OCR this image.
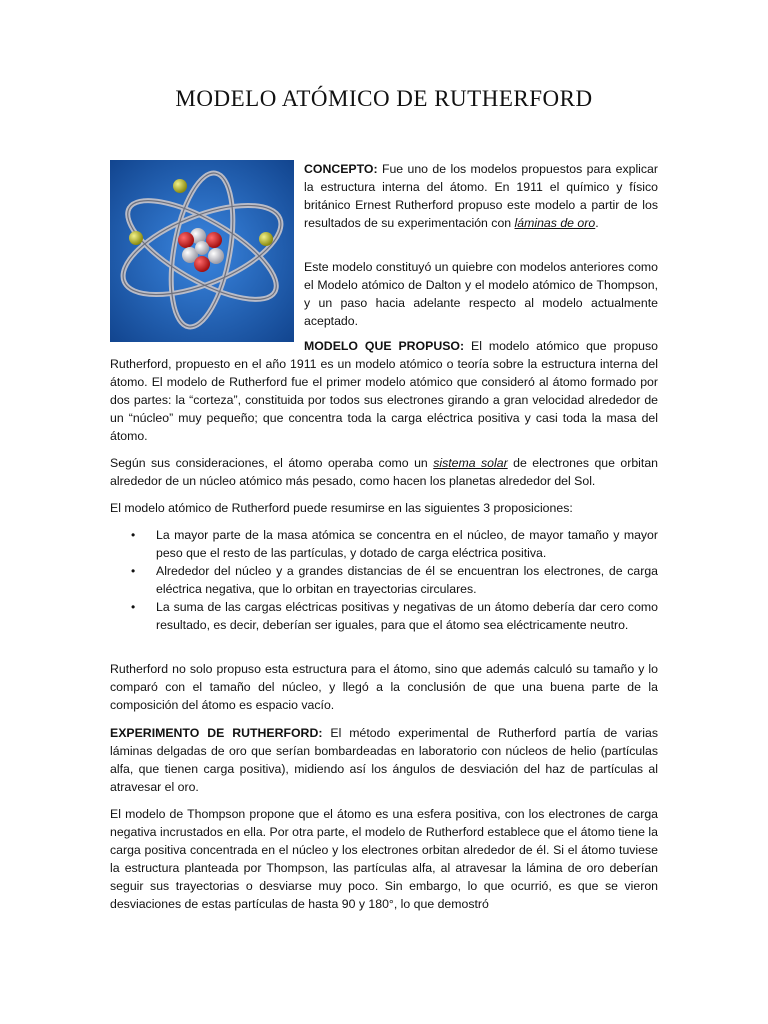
MODELO ATÓMICO DE RUTHERFORD

CONCEPTO: Fue uno de los modelos propuestos para explicar la estructura interna del átomo. En 1911 el químico y físico británico Ernest Rutherford propuso este modelo a partir de los resultados de su experimentación con láminas de oro.

Este modelo constituyó un quiebre con modelos anteriores como el Modelo atómico de Dalton y el modelo atómico de Thompson, y un paso hacia adelante respecto al modelo actualmente aceptado.

MODELO QUE PROPUSO: El modelo atómico que propuso Rutherford, propuesto en el año 1911 es un modelo atómico o teoría sobre la estructura interna del átomo. El modelo de Rutherford fue el primer modelo atómico que consideró al átomo formado por dos partes: la “corteza”, constituida por todos sus electrones girando a gran velocidad alrededor de un “núcleo” muy pequeño; que concentra toda la carga eléctrica positiva y casi toda la masa del átomo.

Según sus consideraciones, el átomo operaba como un sistema solar de electrones que orbitan alrededor de un núcleo atómico más pesado, como hacen los planetas alrededor del Sol.

El modelo atómico de Rutherford puede resumirse en las siguientes 3 proposiciones:

• La mayor parte de la masa atómica se concentra en el núcleo, de mayor tamaño y mayor peso que el resto de las partículas, y dotado de carga eléctrica positiva.
• Alrededor del núcleo y a grandes distancias de él se encuentran los electrones, de carga eléctrica negativa, que lo orbitan en trayectorias circulares.
• La suma de las cargas eléctricas positivas y negativas de un átomo debería dar cero como resultado, es decir, deberían ser iguales, para que el átomo sea eléctricamente neutro.

Rutherford no solo propuso esta estructura para el átomo, sino que además calculó su tamaño y lo comparó con el tamaño del núcleo, y llegó a la conclusión de que una buena parte de la composición del átomo es espacio vacío.

EXPERIMENTO DE RUTHERFORD: El método experimental de Rutherford partía de varias láminas delgadas de oro que serían bombardeadas en laboratorio con núcleos de helio (partículas alfa, que tienen carga positiva), midiendo así los ángulos de desviación del haz de partículas al atravesar el oro.

El modelo de Thompson propone que el átomo es una esfera positiva, con los electrones de carga negativa incrustados en ella. Por otra parte, el modelo de Rutherford establece que el átomo tiene la carga positiva concentrada en el núcleo y los electrones orbitan alrededor de él. Si el átomo tuviese la estructura planteada por Thompson, las partículas alfa, al atravesar la lámina de oro deberían seguir sus trayectorias o desviarse muy poco. Sin embargo, lo que ocurrió, es que se vieron desviaciones de estas partículas de hasta 90 y 180°, lo que demostró
